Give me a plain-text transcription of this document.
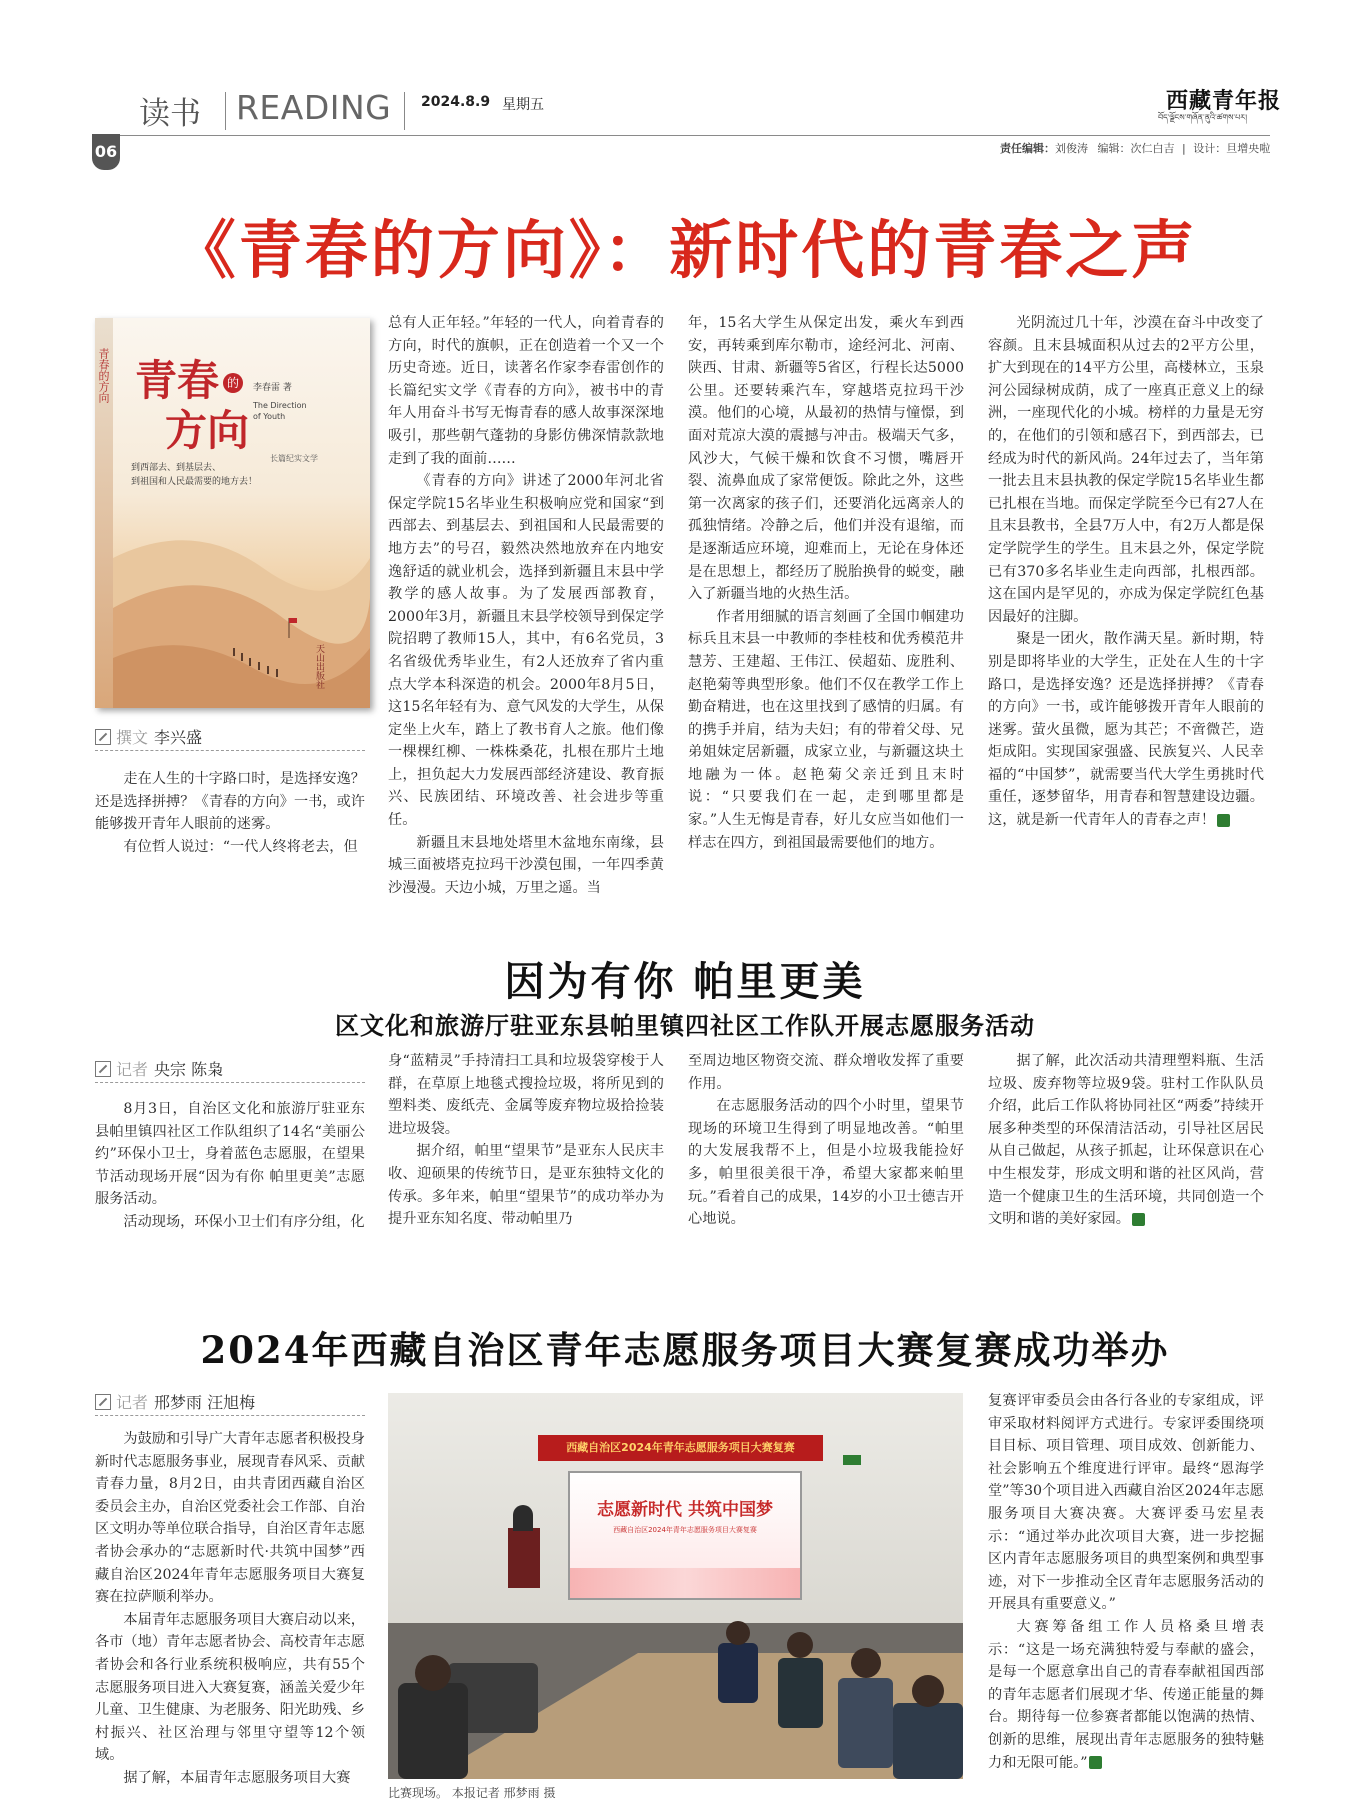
读书 READING 2024.8.9 星期五
06
西藏青年报
བོད་ལྗོངས་གཞོན་ནུའི་ཚགས་པར།
责任编辑：刘俊涛 编辑：次仁白吉 | 设计：旦增央啦
《青春的方向》：新时代的青春之声
青春的方向 青春 的
方向
李春雷 著
The Direction of Youth
到西部去、到基层去、
到祖国和人民最需要的地方去！
长篇纪实文学
天山出版社
撰文 李兴盛

走在人生的十字路口时，是选择安逸？还是选择拼搏？《青春的方向》一书，或许能够拨开青年人眼前的迷雾。

有位哲人说过：“一代人终将老去，但

总有人正年轻。”年轻的一代人，向着青春的方向，时代的旗帜，正在创造着一个又一个历史奇迹。近日，读著名作家李春雷创作的长篇纪实文学《青春的方向》，被书中的青年人用奋斗书写无悔青春的感人故事深深地吸引，那些朝气蓬勃的身影仿佛深情款款地走到了我的面前……

《青春的方向》讲述了2000年河北省保定学院15名毕业生积极响应党和国家“到西部去、到基层去、到祖国和人民最需要的地方去”的号召，毅然决然地放弃在内地安逸舒适的就业机会，选择到新疆且末县中学教学的感人故事。为了发展西部教育，2000年3月，新疆且末县学校领导到保定学院招聘了教师15人，其中，有6名党员，3名省级优秀毕业生，有2人还放弃了省内重点大学本科深造的机会。2000年8月5日，这15名年轻有为、意气风发的大学生，从保定坐上火车，踏上了教书育人之旅。他们像一棵棵红柳、一株株桑花，扎根在那片土地上，担负起大力发展西部经济建设、教育振兴、民族团结、环境改善、社会进步等重任。

新疆且末县地处塔里木盆地东南缘，县城三面被塔克拉玛干沙漠包围，一年四季黄沙漫漫。天边小城，万里之遥。当

年，15名大学生从保定出发，乘火车到西安，再转乘到库尔勒市，途经河北、河南、陕西、甘肃、新疆等5省区，行程长达5000公里。还要转乘汽车，穿越塔克拉玛干沙漠。他们的心境，从最初的热情与憧憬，到面对荒凉大漠的震撼与冲击。极端天气多，风沙大，气候干燥和饮食不习惯，嘴唇开裂、流鼻血成了家常便饭。除此之外，这些第一次离家的孩子们，还要消化远离亲人的孤独情绪。冷静之后，他们并没有退缩，而是逐渐适应环境，迎难而上，无论在身体还是在思想上，都经历了脱胎换骨的蜕变，融入了新疆当地的火热生活。

作者用细腻的语言刻画了全国巾帼建功标兵且末县一中教师的李桂枝和优秀模范井慧芳、王建超、王伟江、侯超茹、庞胜利、赵艳菊等典型形象。他们不仅在教学工作上勤奋精进，也在这里找到了感情的归属。有的携手并肩，结为夫妇；有的带着父母、兄弟姐妹定居新疆，成家立业，与新疆这块土地融为一体。赵艳菊父亲迁到且末时说：“只要我们在一起，走到哪里都是家。”人生无悔是青春，好儿女应当如他们一样志在四方，到祖国最需要他们的地方。

光阴流过几十年，沙漠在奋斗中改变了容颜。且末县城面积从过去的2平方公里，扩大到现在的14平方公里，高楼林立，玉泉河公园绿树成荫，成了一座真正意义上的绿洲，一座现代化的小城。榜样的力量是无穷的，在他们的引领和感召下，到西部去，已经成为时代的新风尚。24年过去了，当年第一批去且末县执教的保定学院15名毕业生都已扎根在当地。而保定学院至今已有27人在且末县教书，全县7万人中，有2万人都是保定学院学生的学生。且末县之外，保定学院已有370多名毕业生走向西部，扎根西部。这在国内是罕见的，亦成为保定学院红色基因最好的注脚。

聚是一团火，散作满天星。新时期，特别是即将毕业的大学生，正处在人生的十字路口，是选择安逸？还是选择拼搏？《青春的方向》一书，或许能够拨开青年人眼前的迷雾。萤火虽微，愿为其芒；不啻微芒，造炬成阳。实现国家强盛、民族复兴、人民幸福的“中国梦”，就需要当代大学生勇挑时代重任，逐梦留华，用青春和智慧建设边疆。这，就是新一代青年人的青春之声！	青

因为有你 帕里更美
区文化和旅游厅驻亚东县帕里镇四社区工作队开展志愿服务活动
记者 央宗 陈枭

8月3日，自治区文化和旅游厅驻亚东县帕里镇四社区工作队组织了14名“美丽公约”环保小卫士，身着蓝色志愿服，在望果节活动现场开展“因为有你 帕里更美”志愿服务活动。

活动现场，环保小卫士们有序分组，化

身“蓝精灵”手持清扫工具和垃圾袋穿梭于人群，在草原上地毯式搜捡垃圾，将所见到的塑料类、废纸壳、金属等废弃物垃圾拾捡装进垃圾袋。

据介绍，帕里“望果节”是亚东人民庆丰收、迎硕果的传统节日，是亚东独特文化的传承。多年来，帕里“望果节”的成功举办为提升亚东知名度、带动帕里乃

至周边地区物资交流、群众增收发挥了重要作用。

在志愿服务活动的四个小时里，望果节现场的环境卫生得到了明显地改善。“帕里的大发展我帮不上，但是小垃圾我能捡好多，帕里很美很干净，希望大家都来帕里玩。”看着自己的成果，14岁的小卫士德吉开心地说。

据了解，此次活动共清理塑料瓶、生活垃圾、废弃物等垃圾9袋。驻村工作队队员介绍，此后工作队将协同社区“两委”持续开展多种类型的环保清洁活动，引导社区居民从自己做起，从孩子抓起，让环保意识在心中生根发芽，形成文明和谐的社区风尚，营造一个健康卫生的生活环境，共同创造一个文明和谐的美好家园。	青

2024年西藏自治区青年志愿服务项目大赛复赛成功举办
记者 邢梦雨 汪旭梅

为鼓励和引导广大青年志愿者积极投身新时代志愿服务事业，展现青春风采、贡献青春力量，8月2日，由共青团西藏自治区委员会主办，自治区党委社会工作部、自治区文明办等单位联合指导，自治区青年志愿者协会承办的“志愿新时代·共筑中国梦”西藏自治区2024年青年志愿服务项目大赛复赛在拉萨顺利举办。

本届青年志愿服务项目大赛启动以来，各市（地）青年志愿者协会、高校青年志愿者协会和各行业系统积极响应，共有55个志愿服务项目进入大赛复赛，涵盖关爱少年儿童、卫生健康、为老服务、阳光助残、乡村振兴、社区治理与邻里守望等12个领域。

据了解，本届青年志愿服务项目大赛

西藏自治区2024年青年志愿服务项目大赛复赛
志愿新时代 共筑中国梦
西藏自治区2024年青年志愿服务项目大赛复赛
比赛现场。 本报记者 邢梦雨 摄

复赛评审委员会由各行各业的专家组成，评审采取材料阅评方式进行。专家评委围绕项目目标、项目管理、项目成效、创新能力、社会影响五个维度进行评审。最终“恩海学堂”等30个项目进入西藏自治区2024年志愿服务项目大赛决赛。大赛评委马宏星表示：“通过举办此次项目大赛，进一步挖掘区内青年志愿服务项目的典型案例和典型事迹，对下一步推动全区青年志愿服务活动的开展具有重要意义。”

大赛筹备组工作人员格桑旦增表示：“这是一场充满独特爱与奉献的盛会，是每一个愿意拿出自己的青春奉献祖国西部的青年志愿者们展现才华、传递正能量的舞台。期待每一位参赛者都能以饱满的热情、创新的思维，展现出青年志愿服务的独特魅力和无限可能。”	青
